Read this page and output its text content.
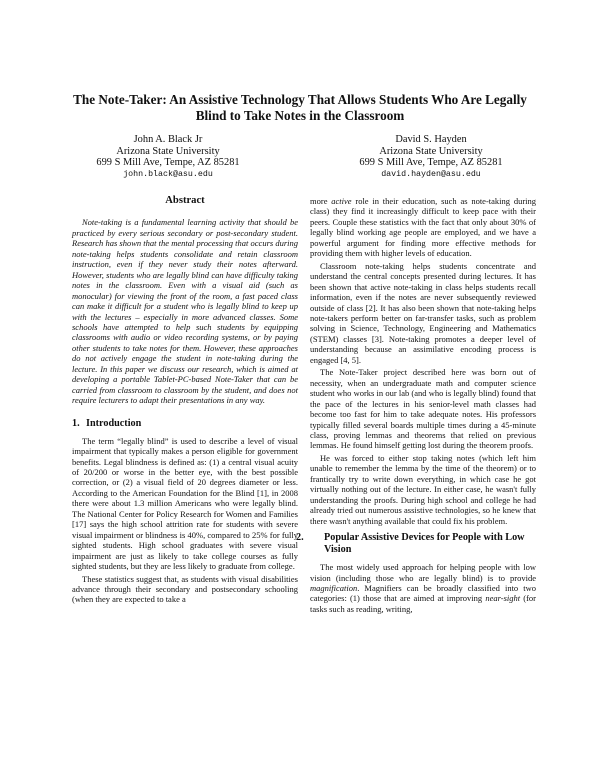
The Note-Taker: An Assistive Technology That Allows Students Who Are Legally Blind to Take Notes in the Classroom
John A. Black Jr
Arizona State University
699 S Mill Ave, Tempe, AZ 85281
john.black@asu.edu
David S. Hayden
Arizona State University
699 S Mill Ave, Tempe, AZ 85281
david.hayden@asu.edu
Abstract

Note-taking is a fundamental learning activity that should be practiced by every serious secondary or post-secondary student. Research has shown that the mental processing that occurs during note-taking helps students consolidate and retain classroom instruction, even if they never study their notes afterward. However, students who are legally blind can have difficulty taking notes in the classroom. Even with a visual aid (such as monocular) for viewing the front of the room, a fast paced class can make it difficult for a student who is legally blind to keep up with the lectures – especially in more advanced classes. Some schools have attempted to help such students by equipping classrooms with audio or video recording systems, or by paying other students to take notes for them. However, these approaches do not actively engage the student in note-taking during the lecture. In this paper we discuss our research, which is aimed at developing a portable Tablet-PC-based Note-Taker that can be carried from classroom to classroom by the student, and does not require lecturers to adapt their presentations in any way.

1. Introduction

The term “legally blind” is used to describe a level of visual impairment that typically makes a person eligible for government benefits. Legal blindness is defined as: (1) a central visual acuity of 20/200 or worse in the better eye, with the best possible correction, or (2) a visual field of 20 degrees diameter or less. According to the American Foundation for the Blind [1], in 2008 there were about 1.3 million Americans who were legally blind. The National Center for Policy Research for Women and Families [17] says the high school attrition rate for students with severe visual impairment or blindness is 40%, compared to 25% for fully sighted students. High school graduates with severe visual impairment are just as likely to take college courses as fully sighted students, but they are less likely to graduate from college.

These statistics suggest that, as students with visual disabilities advance through their secondary and postsecondary schooling (when they are expected to take a

more active role in their education, such as note-taking during class) they find it increasingly difficult to keep pace with their peers. Couple these statistics with the fact that only about 30% of legally blind working age people are employed, and we have a powerful argument for finding more effective methods for providing them with higher levels of education.

Classroom note-taking helps students concentrate and understand the central concepts presented during lectures. It has been shown that active note-taking in class helps students recall information, even if the notes are never subsequently reviewed outside of class [2]. It has also been shown that note-taking helps note-takers perform better on far-transfer tasks, such as problem solving in Science, Technology, Engineering and Mathematics (STEM) classes [3]. Note-taking promotes a deeper level of understanding because an assimilative encoding process is engaged [4, 5].

The Note-Taker project described here was born out of necessity, when an undergraduate math and computer science student who works in our lab (and who is legally blind) found that the pace of the lectures in his senior-level math classes had become too fast for him to take adequate notes. His professors typically filled several boards multiple times during a 45-minute class, proving lemmas and theorems that relied on previous lemmas. He found himself getting lost during the theorem proofs.

He was forced to either stop taking notes (which left him unable to remember the lemma by the time of the theorem) or to frantically try to write down everything, in which case he got virtually nothing out of the lecture. In either case, he wasn't fully understanding the proofs. During high school and college he had already tried out numerous assistive technologies, so he knew that there wasn't anything available that could fix his problem.

2. Popular Assistive Devices for People with Low Vision

The most widely used approach for helping people with low vision (including those who are legally blind) is to provide magnification. Magnifiers can be broadly classified into two categories: (1) those that are aimed at improving near-sight (for tasks such as reading, writing,
